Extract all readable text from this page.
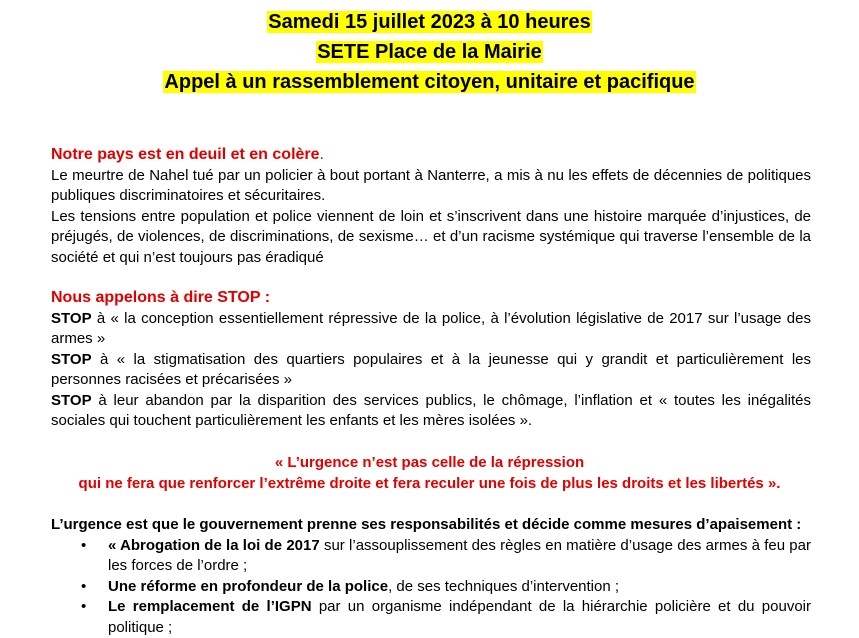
Samedi 15 juillet 2023 à 10 heures
SETE Place de la Mairie
Appel à un rassemblement citoyen, unitaire et pacifique

Notre pays est en deuil et en colère.

Le meurtre de Nahel tué par un policier à bout portant à Nanterre, a mis à nu les effets de décennies de politiques publiques discriminatoires et sécuritaires.

Les tensions entre population et police viennent de loin et s’inscrivent dans une histoire marquée d’injustices, de préjugés, de violences, de discriminations, de sexisme… et d’un racisme systémique qui traverse l’ensemble de la société et qui n’est toujours pas éradiqué

Nous appelons à dire STOP :

STOP à « la conception essentiellement répressive de la police, à l’évolution législative de 2017 sur l’usage des armes »

STOP à « la stigmatisation des quartiers populaires et à la jeunesse qui y grandit et particulièrement les personnes racisées et précarisées »

STOP à leur abandon par la disparition des services publics, le chômage, l’inflation et « toutes les inégalités sociales qui touchent particulièrement les enfants et les mères isolées ».

« L’urgence n’est pas celle de la répression
qui ne fera que renforcer l’extrême droite et fera reculer une fois de plus les droits et les libertés ».

L’urgence est que le gouvernement prenne ses responsabilités et décide comme mesures d’apaisement :

• « Abrogation de la loi de 2017 sur l’assouplissement des règles en matière d’usage des armes à feu par les forces de l’ordre ;
• Une réforme en profondeur de la police, de ses techniques d’intervention ;
• Le remplacement de l’IGPN par un organisme indépendant de la hiérarchie policière et du pouvoir politique ;
